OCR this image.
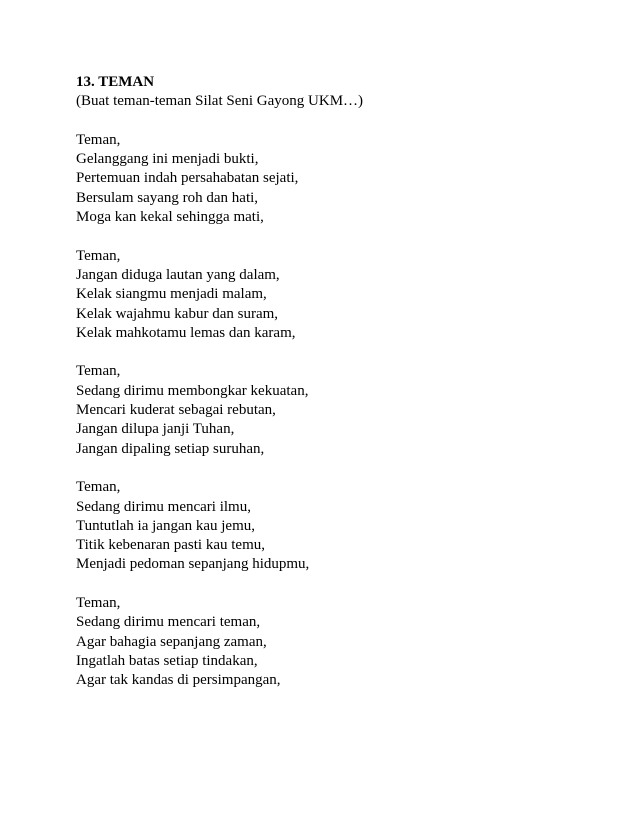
13. TEMAN
(Buat teman-teman Silat Seni Gayong UKM…)
Teman,
Gelanggang ini menjadi bukti,
Pertemuan indah persahabatan sejati,
Bersulam sayang roh dan hati,
Moga kan kekal sehingga mati,
Teman,
Jangan diduga lautan yang dalam,
Kelak siangmu menjadi malam,
Kelak wajahmu kabur dan suram,
Kelak mahkotamu lemas dan karam,
Teman,
Sedang dirimu membongkar kekuatan,
Mencari kuderat sebagai rebutan,
Jangan dilupa janji Tuhan,
Jangan dipaling setiap suruhan,
Teman,
Sedang dirimu mencari ilmu,
Tuntutlah ia jangan kau jemu,
Titik kebenaran pasti kau temu,
Menjadi pedoman sepanjang hidupmu,
Teman,
Sedang dirimu mencari teman,
Agar bahagia sepanjang zaman,
Ingatlah batas setiap tindakan,
Agar tak kandas di persimpangan,
